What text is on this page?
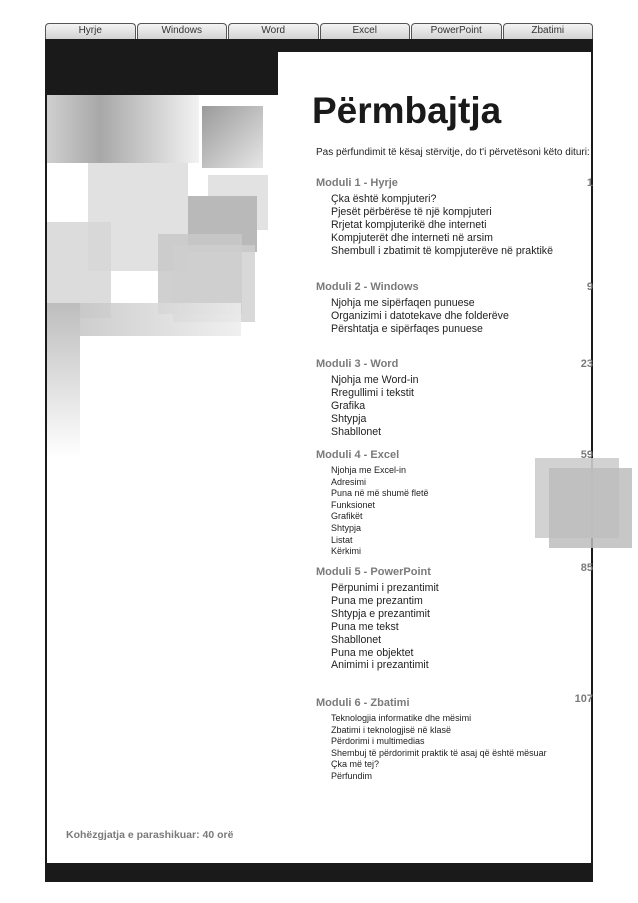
Hyrje	Windows	Word	Excel	PowerPoint	Zbatimi
Përmbajtja

Pas përfundimit të kësaj stërvitje, do t'i përvetësoni këto dituri:

Moduli 1 - Hyrje	1
Çka është kompjuteri?
Pjesët përbërëse të një kompjuteri
Rrjetat kompjuterikë dhe interneti
Kompjuterët dhe interneti në arsim
Shembull i zbatimit të kompjuterëve në praktikë
Moduli 2 - Windows	9
Njohja me sipërfaqen punuese
Organizimi i datotekave dhe folderëve
Përshtatja e sipërfaqes punuese
Moduli 3 - Word	23
Njohja me Word-in
Rregullimi i tekstit
Grafika
Shtypja
Shabllonet
Moduli 4 - Excel	59
Njohja me Excel-in
Adresimi
Puna në më shumë fletë
Funksionet
Grafikët
Shtypja
Listat
Kërkimi
Moduli 5 - PowerPoint	85
Përpunimi i prezantimit
Puna me prezantim
Shtypja e prezantimit
Puna me tekst
Shabllonet
Puna me objektet
Animimi i prezantimit
Moduli 6 - Zbatimi	107
Teknologjia informatike dhe mësimi
Zbatimi i teknologjisë në klasë
Përdorimi i multimedias
Shembuj të përdorimit praktik të asaj që është mësuar
Çka më tej?
Përfundim
Kohëzgjatja e parashikuar: 40 orë
